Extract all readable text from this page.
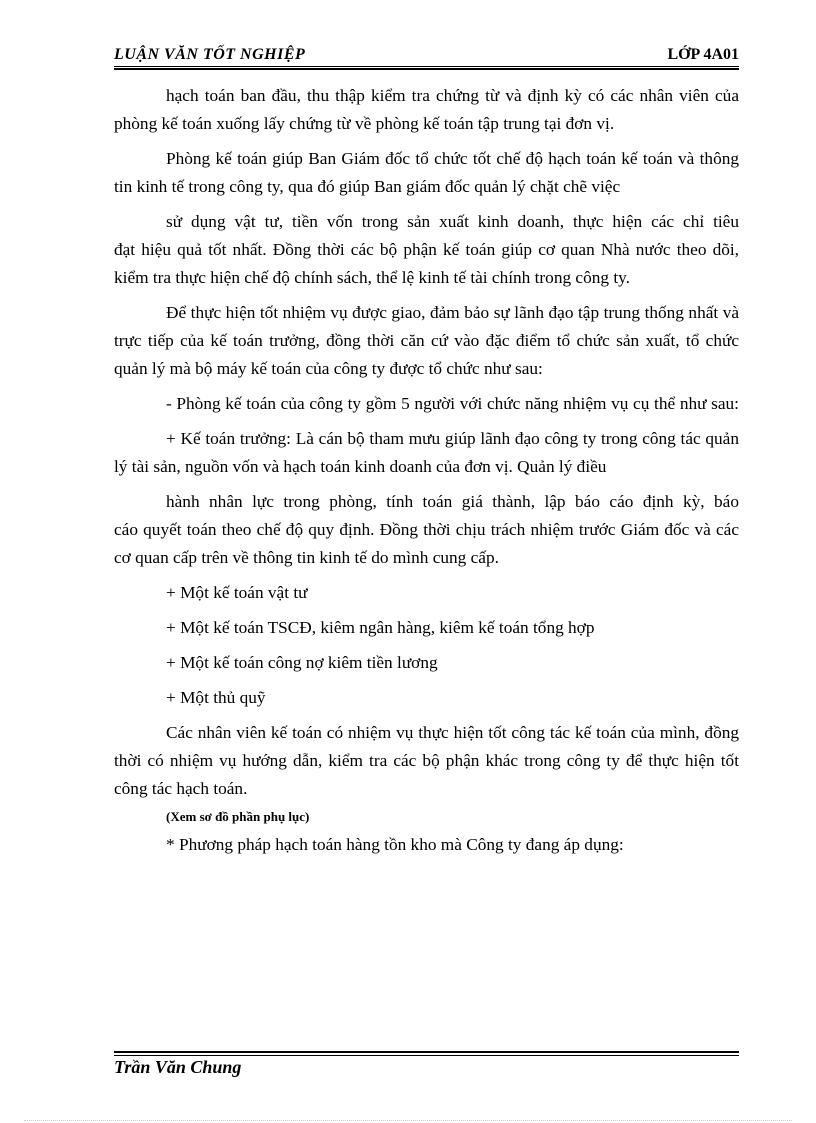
LUẬN VĂN TỐT NGHIỆP	LỚP 4A01

hạch toán ban đầu, thu thập kiểm tra chứng từ và định kỳ có các nhân viên của phòng kế toán xuống lấy chứng từ về phòng kế toán tập trung tại đơn vị.

Phòng kế toán giúp Ban Giám đốc tổ chức tốt chế độ hạch toán kế toán và thông tin kinh tế trong công ty, qua đó giúp Ban giám đốc quản lý chặt chẽ việc

sử dụng vật tư, tiền vốn trong sản xuất kinh doanh, thực hiện các chỉ tiêu

đạt hiệu quả tốt nhất. Đồng thời các bộ phận kế toán giúp cơ quan Nhà nước theo dõi, kiểm tra thực hiện chế độ chính sách, thể lệ kinh tế tài chính trong công ty.

Để thực hiện tốt nhiệm vụ được giao, đảm bảo sự lãnh đạo tập trung thống nhất và trực tiếp của kế toán trưởng, đồng thời căn cứ vào đặc điểm tổ chức sản xuất, tổ chức quản lý mà bộ máy kế toán của công ty được tổ chức như sau:

- Phòng kế toán của công ty gồm 5 người với chức năng nhiệm vụ cụ thể như sau:

+ Kế toán trưởng: Là cán bộ tham mưu giúp lãnh đạo công ty trong công tác quản lý tài sản, nguồn vốn và hạch toán kinh doanh của đơn vị. Quản lý điều

hành nhân lực trong phòng, tính toán giá thành, lập báo cáo định kỳ, báo

cáo quyết toán theo chế độ quy định. Đồng thời chịu trách nhiệm trước Giám đốc và các cơ quan cấp trên về thông tin kinh tế do mình cung cấp.

+ Một kế toán vật tư

+ Một kế toán TSCĐ, kiêm ngân hàng, kiêm kế toán tổng hợp

+ Một kế toán công nợ kiêm tiền lương

+ Một thủ quỹ

Các nhân viên kế toán có nhiệm vụ thực hiện tốt công tác kế toán của mình, đồng thời có nhiệm vụ hướng dẫn, kiểm tra các bộ phận khác trong công ty để thực hiện tốt công tác hạch toán.

(Xem sơ đồ phần phụ lục)

* Phương pháp hạch toán hàng tồn kho mà Công ty đang áp dụng:

Trần Văn Chung
